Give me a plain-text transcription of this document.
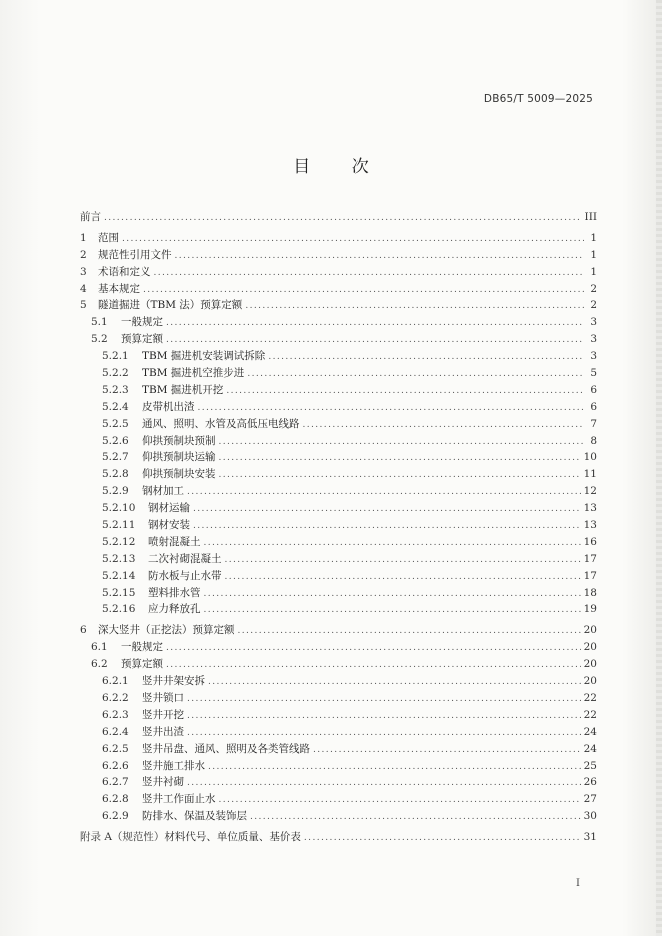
DB65/T 5009—2025
目 次
前言 .....	III
1	范围 .....	1
2	规范性引用文件 .....	1
3	术语和定义 .....	1
4	基本规定 .....	2
5	隧道掘进（TBM 法）预算定额 .....	2
5.1	一般规定 .....	3
5.2	预算定额 .....	3
5.2.1	TBM 掘进机安装调试拆除 .....	3
5.2.2	TBM 掘进机空推步进 .....	5
5.2.3	TBM 掘进机开挖 .....	6
5.2.4	皮带机出渣 .....	6
5.2.5	通风、照明、水管及高低压电线路 .....	7
5.2.6	仰拱预制块预制 .....	8
5.2.7	仰拱预制块运输 .....	10
5.2.8	仰拱预制块安装 .....	11
5.2.9	钢材加工 .....	12
5.2.10	钢材运输 .....	13
5.2.11	钢材安装 .....	13
5.2.12	喷射混凝土 .....	16
5.2.13	二次衬砌混凝土 .....	17
5.2.14	防水板与止水带 .....	17
5.2.15	塑料排水管 .....	18
5.2.16	应力释放孔 .....	19
6	深大竖井（正挖法）预算定额 .....	20
6.1	一般规定 .....	20
6.2	预算定额 .....	20
6.2.1	竖井井架安拆 .....	20
6.2.2	竖井锁口 .....	22
6.2.3	竖井开挖 .....	22
6.2.4	竖井出渣 .....	24
6.2.5	竖井吊盘、通风、照明及各类管线路 .....	24
6.2.6	竖井施工排水 .....	25
6.2.7	竖井衬砌 .....	26
6.2.8	竖井工作面止水 .....	27
6.2.9	防排水、保温及装饰层 .....	30
附录 A（规范性） 材料代号、单位质量、基价表 .....	31
I
